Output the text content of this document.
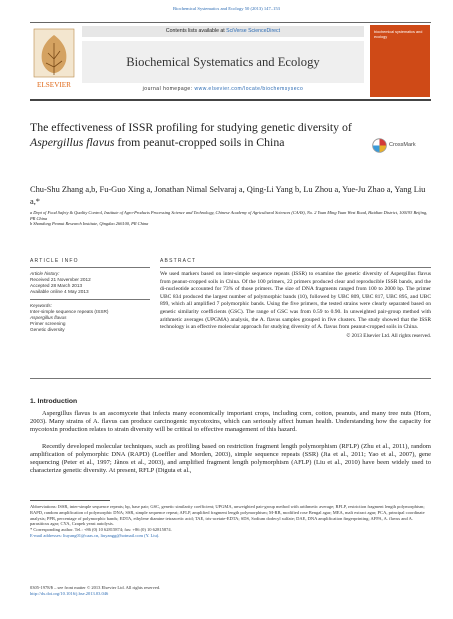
Biochemical Systematics and Ecology 50 (2013) 147–153
ELSEVIER
Contents lists available at SciVerse ScienceDirect
Biochemical Systematics and Ecology
journal homepage: www.elsevier.com/locate/biochemsyseco
biochemical systematics and ecology
The effectiveness of ISSR profiling for studying genetic diversity of Aspergillus flavus from peanut-cropped soils in China	CrossMark
Chu-Shu Zhang a,b, Fu-Guo Xing a, Jonathan Nimal Selvaraj a, Qing-Li Yang b, Lu Zhou a, Yue-Ju Zhao a, Yang Liu a,*
a Dept of Food Safety & Quality Control, Institute of Agro-Products Processing Science and Technology, Chinese Academy of Agricultural Sciences (CAAS), No. 2 Yuan Ming Yuan West Road, Haidian District, 100193 Beijing, PR China
b Shandong Peanut Research Institute, Qingdao 266100, PR China
ARTICLE INFO
Article history:
Received 21 November 2012
Accepted 28 March 2013
Available online 4 May 2013
Keywords:
Inter-simple sequence repeats (ISSR)
Aspergillus flavus
Primer screening
Genetic diversity
ABSTRACT
We used markers based on inter-simple sequence repeats (ISSR) to examine the genetic diversity of Aspergillus flavus from peanut-cropped soils in China. Of the 100 primers, 22 primers produced clear and reproducible ISSR bands, and the di-nucleotide accounted for 73% of those primers. The size of DNA fragments ranged from 100 to 2000 bp. The primer UBC 834 produced the largest number of polymorphic bands (10), followed by UBC 809, UBC 817, UBC 895, and UBC 899, which all amplified 7 polymorphic bands. Using the five primers, the tested strains were clearly separated based on genetic similarity coefficients (GSC). The range of GSC was from 0.59 to 0.90. In unweighted pair-group method with arithmetic averages (UPGMA) analysis, the A. flavus samples grouped in five clusters. The study showed that the ISSR technology is an effective molecular approach for studying diversity of A. flavus from peanut-cropped soils in China.
© 2013 Elsevier Ltd. All rights reserved.
1. Introduction
Aspergillus flavus is an ascomycete that infects many economically important crops, including corn, cotton, peanuts, and many tree nuts (Horn, 2003). Many strains of A. flavus can produce carcinogenic mycotoxins, which can seriously affect human health. Understanding how the capacity for mycotoxin production relates to strain diversity will be critical to effective management of this hazard.
Recently developed molecular techniques, such as profiling based on restriction fragment length polymorphism (RFLP) (Zhu et al., 2011), random amplification of polymorphic DNA (RAPD) (Loeffler and Morden, 2003), simple sequence repeats (SSR) (Jia et al., 2011; Yao et al., 2007), gene sequencing (Peter et al., 1997; Jãnos et al., 2003), and amplified fragment length polymorphism (AFLP) (Liu et al., 2010) have been widely used to characterize genetic diversity. At present, RFLP (Diguta et al.,
Abbreviations: ISSR, inter-simple sequence repeats; bp, base pair; GSC, genetic similarity coefficient; UPGMA, unweighted pair-group method with arithmetic average; RFLP, restriction fragment length polymorphism; RAPD, random amplification of polymorphic DNA; SSR, simple sequence repeat; AFLP, amplified fragment length polymorphism; M-RB, modified rose Bengal agar; MEA, malt extract agar; PCA, principal coordinate analysis; PPB, percentage of polymorphic bands; EDTA, ethylene diamine tetraacetic acid; TAE, tris-acetate-EDTA; SDS, Sodium dodecyl sulfate; DAE, DNA amplification fingerprinting; AFPA, A. flavus and A. parasiticus agar; CYA, Czapek yeast autolysis.
* Corresponding author. Tel.: +86 (0) 10 62815874; fax: +86 (0) 10 62815874.
E-mail addresses: liuyang01@caas.cn, liuyangg@hotmail.com (Y. Liu).
0305-1978/$ – see front matter © 2013 Elsevier Ltd. All rights reserved.
http://dx.doi.org/10.1016/j.bse.2013.03.046
